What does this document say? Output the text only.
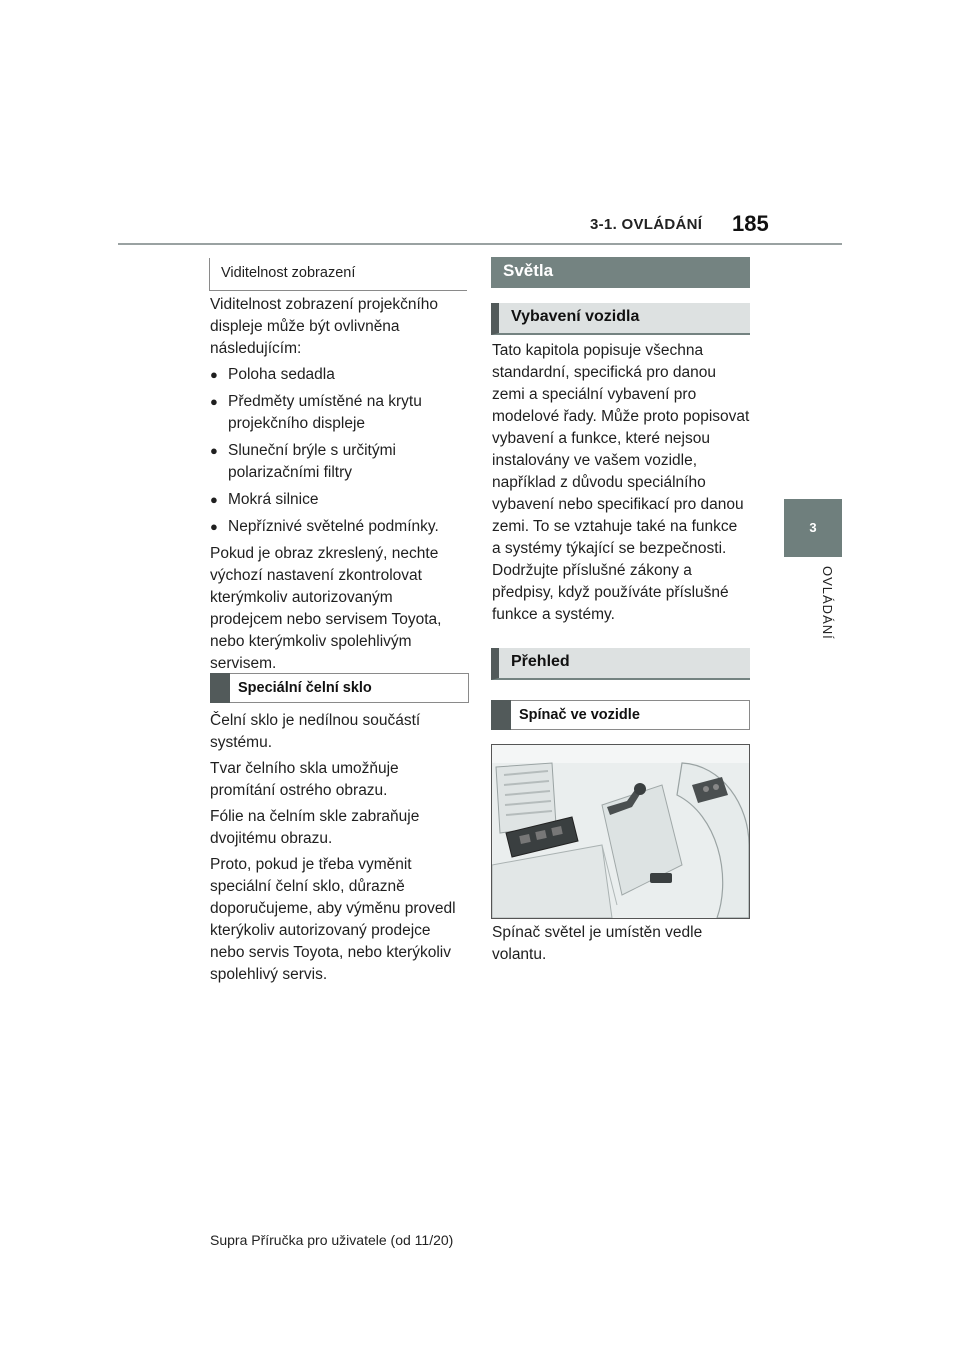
3-1. OVLÁDÁNÍ 185
3
OVLÁDÁNÍ
Viditelnost zobrazení

Viditelnost zobrazení projekčního displeje může být ovlivněna následujícím:

● Poloha sedadla
● Předměty umístěné na krytu projekčního displeje
● Sluneční brýle s určitými polarizačními filtry
● Mokrá silnice
● Nepříznivé světelné podmínky.

Pokud je obraz zkreslený, nechte výchozí nastavení zkontrolovat kterýmkoliv autorizovaným prodejcem nebo servisem Toyota, nebo kterýmkoliv spolehlivým servisem.

Speciální čelní sklo

Čelní sklo je nedílnou součástí systému.

Tvar čelního skla umožňuje promítání ostrého obrazu.

Fólie na čelním skle zabraňuje dvojitému obrazu.

Proto, pokud je třeba vyměnit speciální čelní sklo, důrazně doporučujeme, aby výměnu provedl kterýkoliv autorizovaný prodejce nebo servis Toyota, nebo kterýkoliv spolehlivý servis.

Světla
Vybavení vozidla

Tato kapitola popisuje všechna standardní, specifická pro danou zemi a speciální vybavení pro modelové řady. Může proto popisovat vybavení a funkce, které nejsou instalovány ve vašem vozidle, například z důvodu speciálního vybavení nebo specifikací pro danou zemi. To se vztahuje také na funkce a systémy týkající se bezpečnosti. Dodržujte příslušné zákony a předpisy, když používáte příslušné funkce a systémy.

Přehled
Spínač ve vozidle

Spínač světel je umístěn vedle volantu.

Supra Příručka pro uživatele (od 11/20)
